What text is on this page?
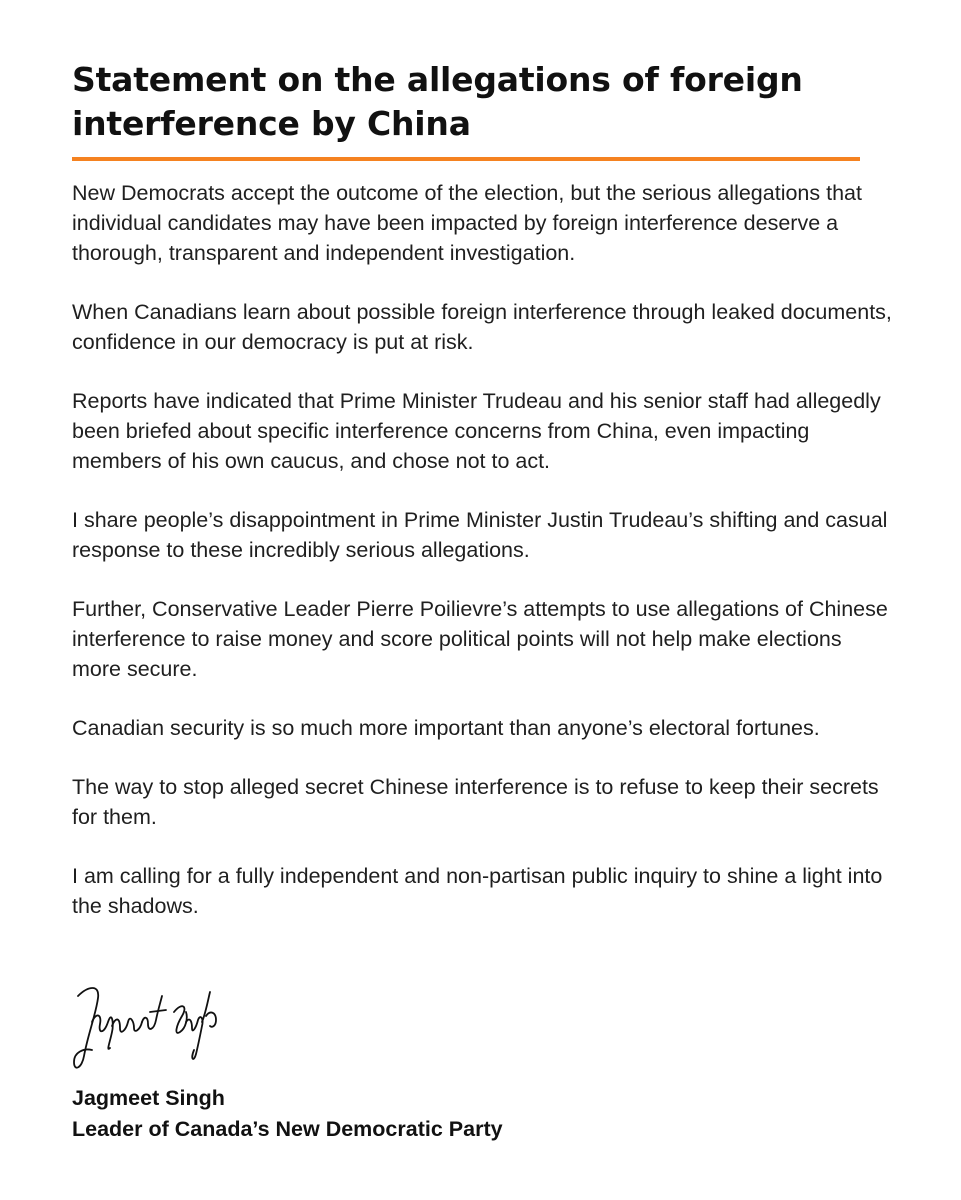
Statement on the allegations of foreign interference by China

New Democrats accept the outcome of the election, but the serious allegations that individual candidates may have been impacted by foreign interference deserve a thorough, transparent and independent investigation.

When Canadians learn about possible foreign interference through leaked documents, confidence in our democracy is put at risk.

Reports have indicated that Prime Minister Trudeau and his senior staff had allegedly been briefed about specific interference concerns from China, even impacting members of his own caucus, and chose not to act.

I share people’s disappointment in Prime Minister Justin Trudeau’s shifting and casual response to these incredibly serious allegations.

Further, Conservative Leader Pierre Poilievre’s attempts to use allegations of Chinese interference to raise money and score political points will not help make elections more secure.

Canadian security is so much more important than anyone’s electoral fortunes.

The way to stop alleged secret Chinese interference is to refuse to keep their secrets for them.

I am calling for a fully independent and non-partisan public inquiry to shine a light into the shadows.

Jagmeet Singh

Leader of Canada’s New Democratic Party
